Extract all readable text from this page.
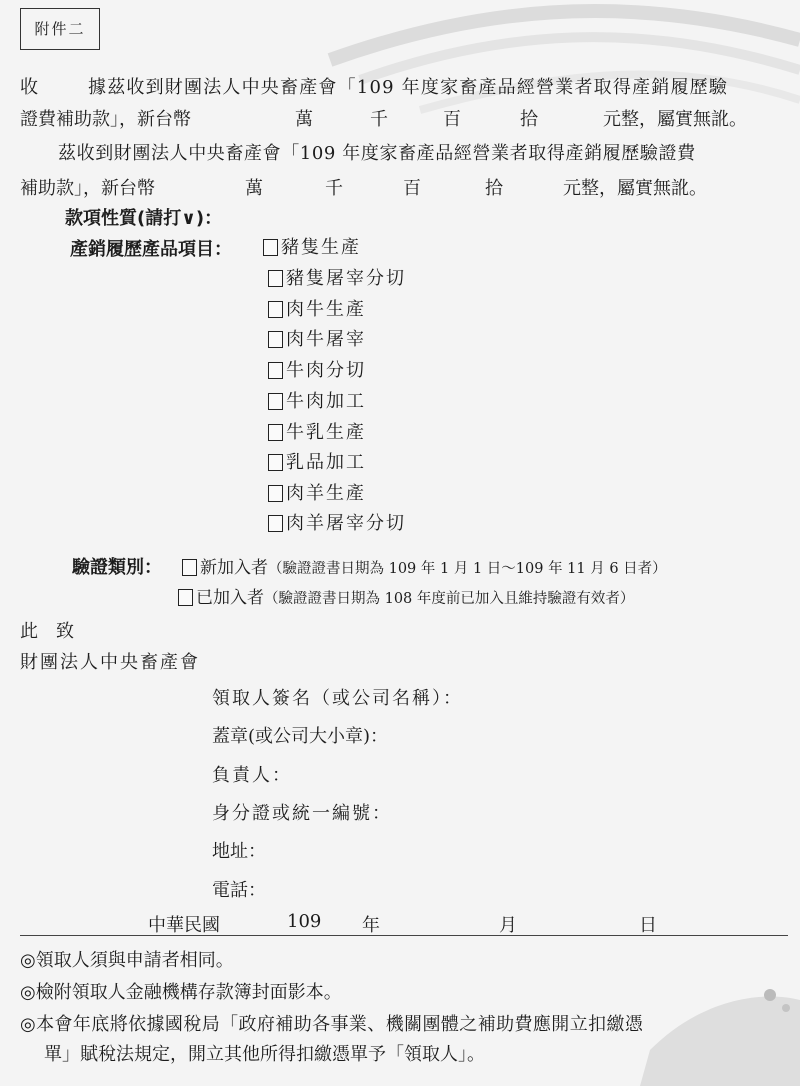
附件二
收	據茲收到財團法人中央畜產會「109 年度家畜產品經營業者取得產銷履歷驗
證費補助款」，新台幣	萬	千	百	拾	元整，屬實無訛。
茲收到財團法人中央畜產會「109 年度家畜產品經營業者取得產銷履歷驗證費
補助款」，新台幣	萬	千	百	拾	元整，屬實無訛。
款項性質(請打∨)：
產銷履歷產品項目：	豬隻生產
豬隻屠宰分切
肉牛生產
肉牛屠宰
牛肉分切
牛肉加工
牛乳生產
乳品加工
肉羊生產
肉羊屠宰分切
驗證類別：	新加入者（驗證證書日期為 109 年 1 月 1 日～109 年 11 月 6 日者）
已加入者（驗證證書日期為 108 年度前已加入且維持驗證有效者）
此　致
財團法人中央畜產會
領取人簽名（或公司名稱）：
蓋章(或公司大小章)：
負責人：
身分證或統一編號：
地址：
電話：
中華民國	109 年	月	日
◎領取人須與申請者相同。
◎檢附領取人金融機構存款簿封面影本。
◎本會年底將依據國稅局「政府補助各事業、機關團體之補助費應開立扣繳憑
單」賦稅法規定，開立其他所得扣繳憑單予「領取人」。
